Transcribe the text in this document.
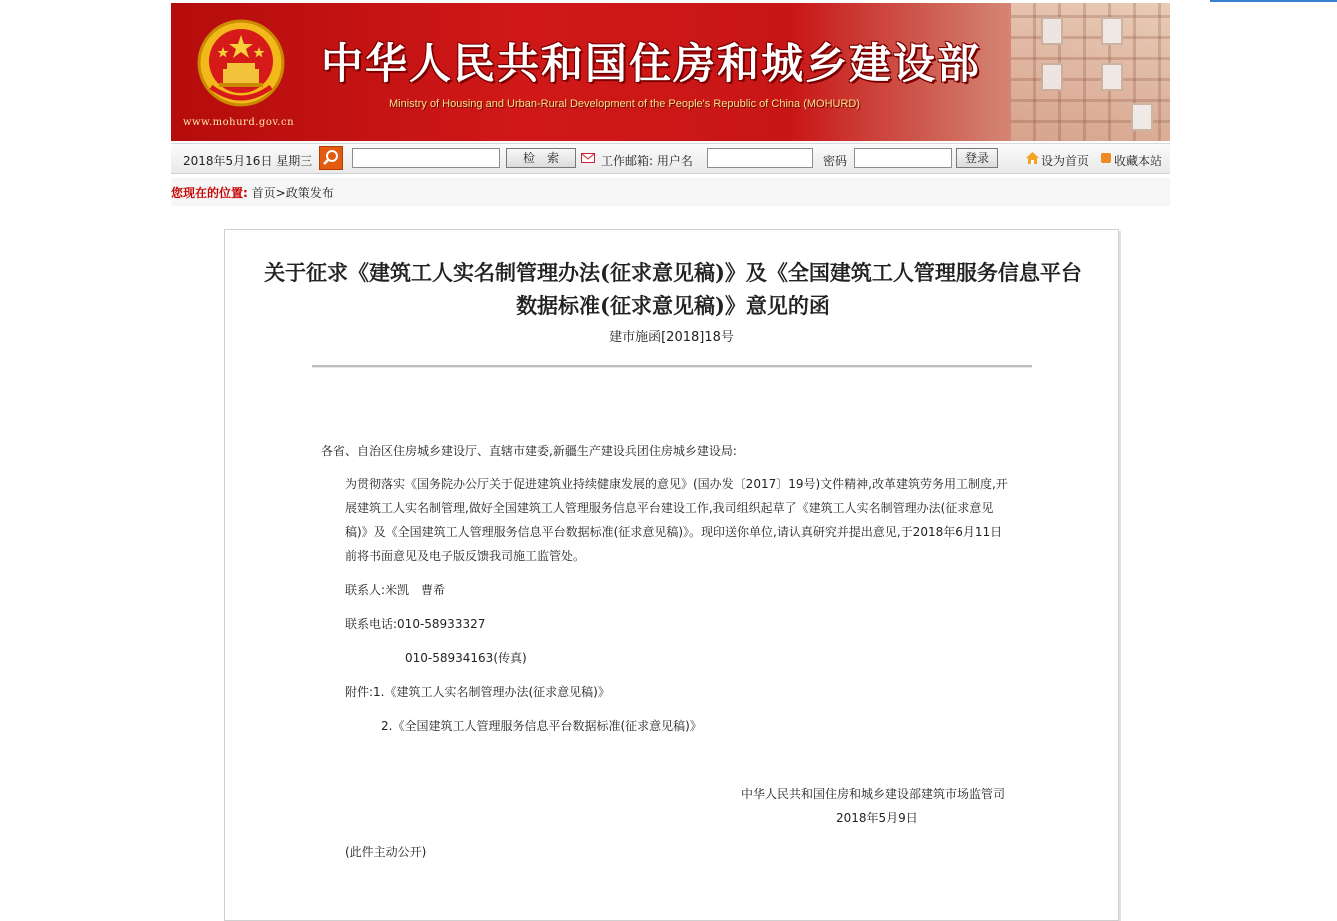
www.mohurd.gov.cn
中华人民共和国住房和城乡建设部
Ministry of Housing and Urban-Rural Development of the People's Republic of China (MOHURD)
2018年5月16日 星期三	检　索	工作邮箱: 用户名	密码	登录	设为首页 收藏本站
您现在的位置: 首页>政策发布
关于征求《建筑工人实名制管理办法(征求意见稿)》及《全国建筑工人管理服务信息平台数据标准(征求意见稿)》意见的函
建市施函[2018]18号
各省、自治区住房城乡建设厅、直辖市建委,新疆生产建设兵团住房城乡建设局:
为贯彻落实《国务院办公厅关于促进建筑业持续健康发展的意见》(国办发〔2017〕19号)文件精神,改革建筑劳务用工制度,开展建筑工人实名制管理,做好全国建筑工人管理服务信息平台建设工作,我司组织起草了《建筑工人实名制管理办法(征求意见稿)》及《全国建筑工人管理服务信息平台数据标准(征求意见稿)》。现印送你单位,请认真研究并提出意见,于2018年6月11日前将书面意见及电子版反馈我司施工监管处。
联系人:米凯　曹希
联系电话:010-58933327
010-58934163(传真)
附件:1.《建筑工人实名制管理办法(征求意见稿)》
2.《全国建筑工人管理服务信息平台数据标准(征求意见稿)》
中华人民共和国住房和城乡建设部建筑市场监管司
2018年5月9日
(此件主动公开)
